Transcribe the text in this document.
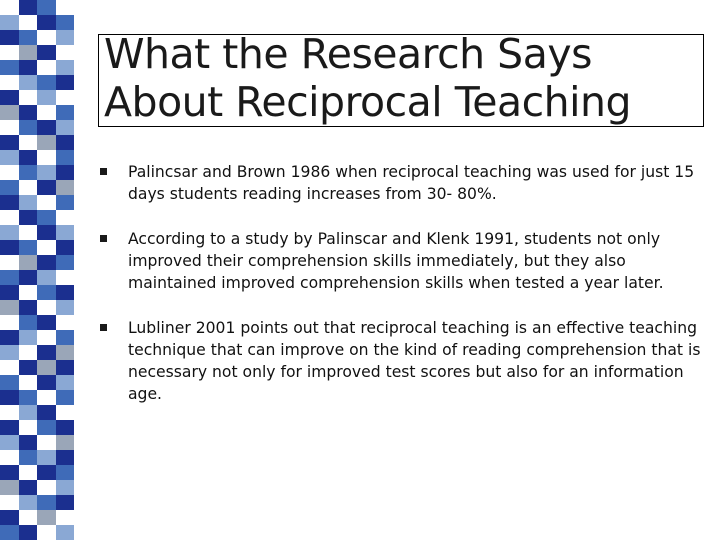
What the Research Says
About Reciprocal Teaching
Palincsar and Brown 1986 when reciprocal teaching was used for just 15 days students reading increases from 30- 80%.
According to a study by Palinscar and Klenk 1991, students not only improved their comprehension skills immediately, but they also maintained improved comprehension skills when tested a year later.
Lubliner 2001 points out that reciprocal teaching is an effective teaching technique that can improve on the kind of reading comprehension that is necessary not only for improved test scores but also for an information age.
